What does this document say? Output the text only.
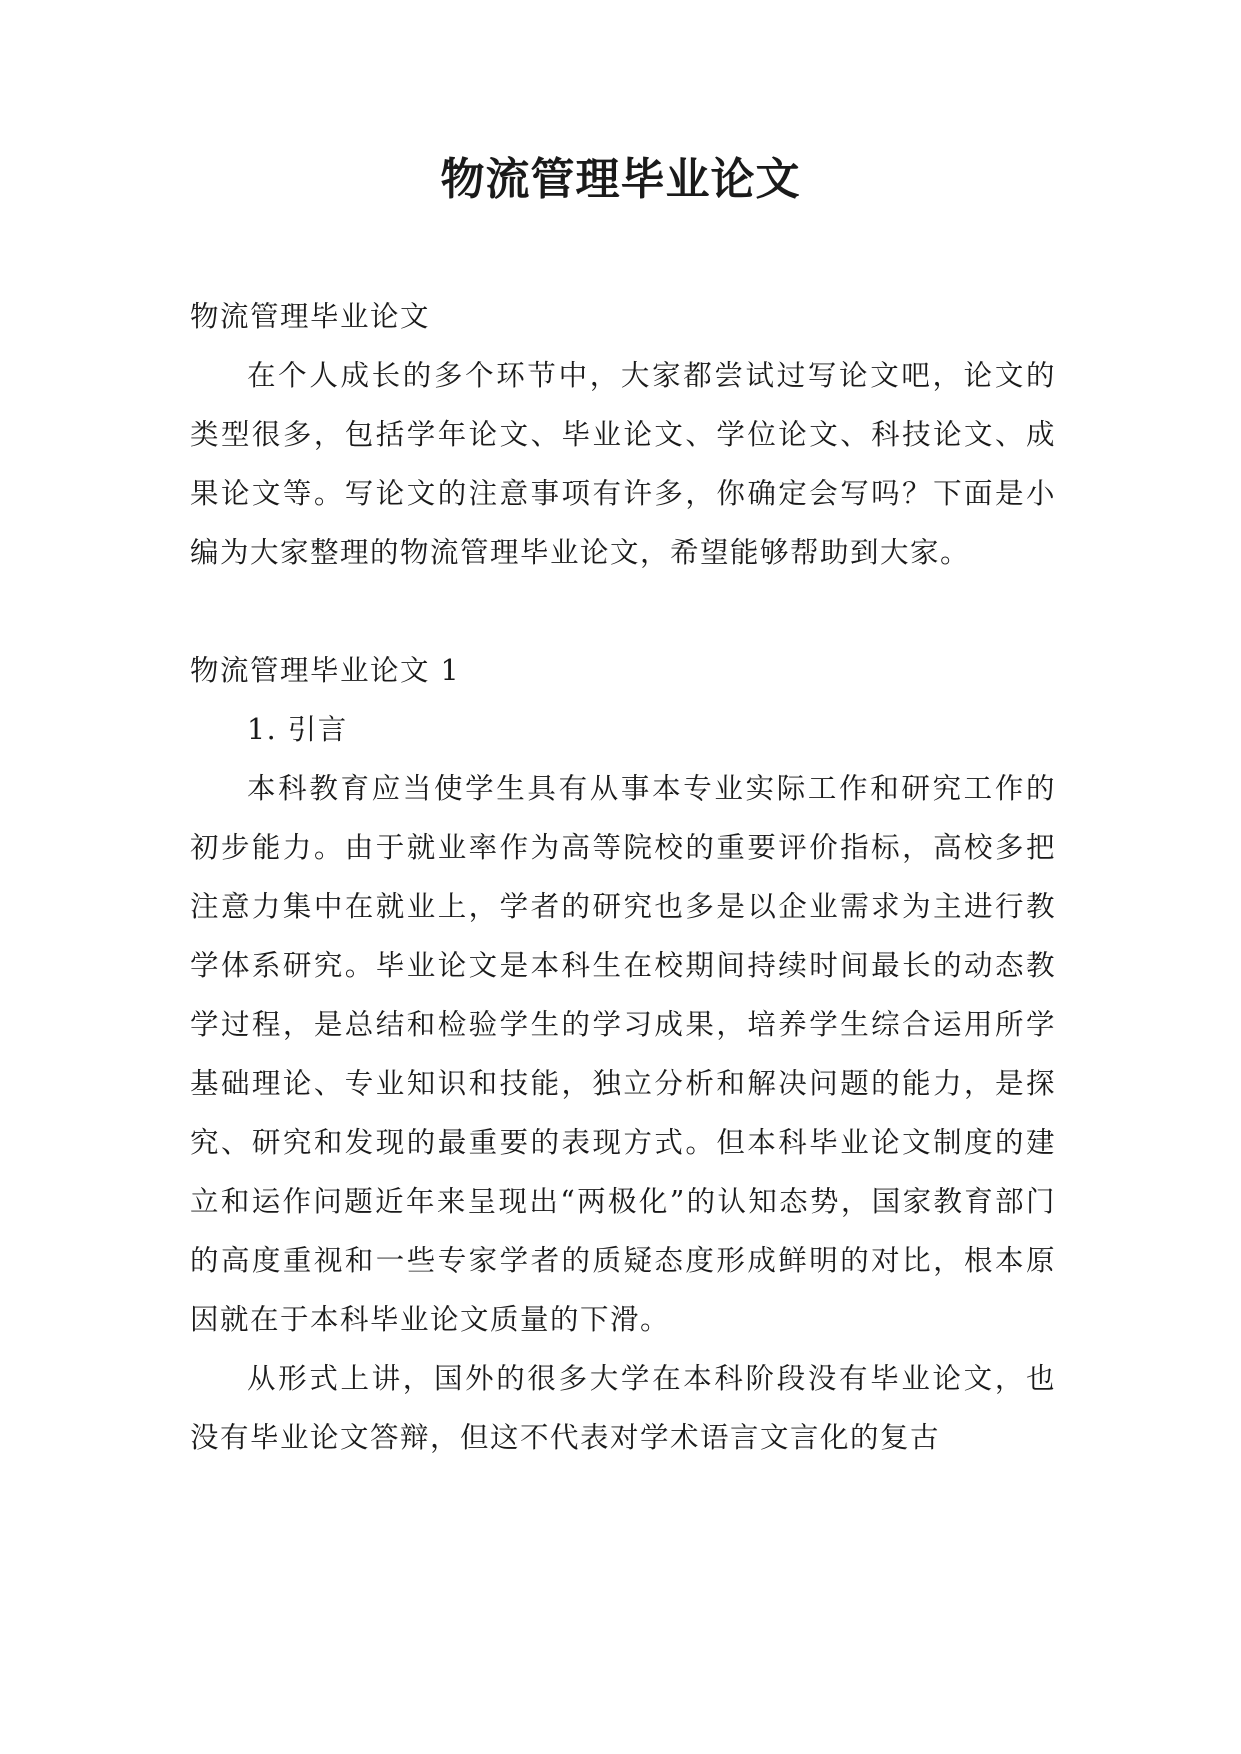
物流管理毕业论文

物流管理毕业论文

在个人成长的多个环节中，大家都尝试过写论文吧，论文的类型很多，包括学年论文、毕业论文、学位论文、科技论文、成果论文等。写论文的注意事项有许多，你确定会写吗？下面是小编为大家整理的物流管理毕业论文，希望能够帮助到大家。

物流管理毕业论文 1

1. 引言

本科教育应当使学生具有从事本专业实际工作和研究工作的初步能力。由于就业率作为高等院校的重要评价指标，高校多把注意力集中在就业上，学者的研究也多是以企业需求为主进行教学体系研究。毕业论文是本科生在校期间持续时间最长的动态教学过程，是总结和检验学生的学习成果，培养学生综合运用所学基础理论、专业知识和技能，独立分析和解决问题的能力，是探究、研究和发现的最重要的表现方式。但本科毕业论文制度的建立和运作问题近年来呈现出“两极化”的认知态势，国家教育部门的高度重视和一些专家学者的质疑态度形成鲜明的对比，根本原因就在于本科毕业论文质量的下滑。

从形式上讲，国外的很多大学在本科阶段没有毕业论文，也没有毕业论文答辩，但这不代表对学术语言文言化的复古
